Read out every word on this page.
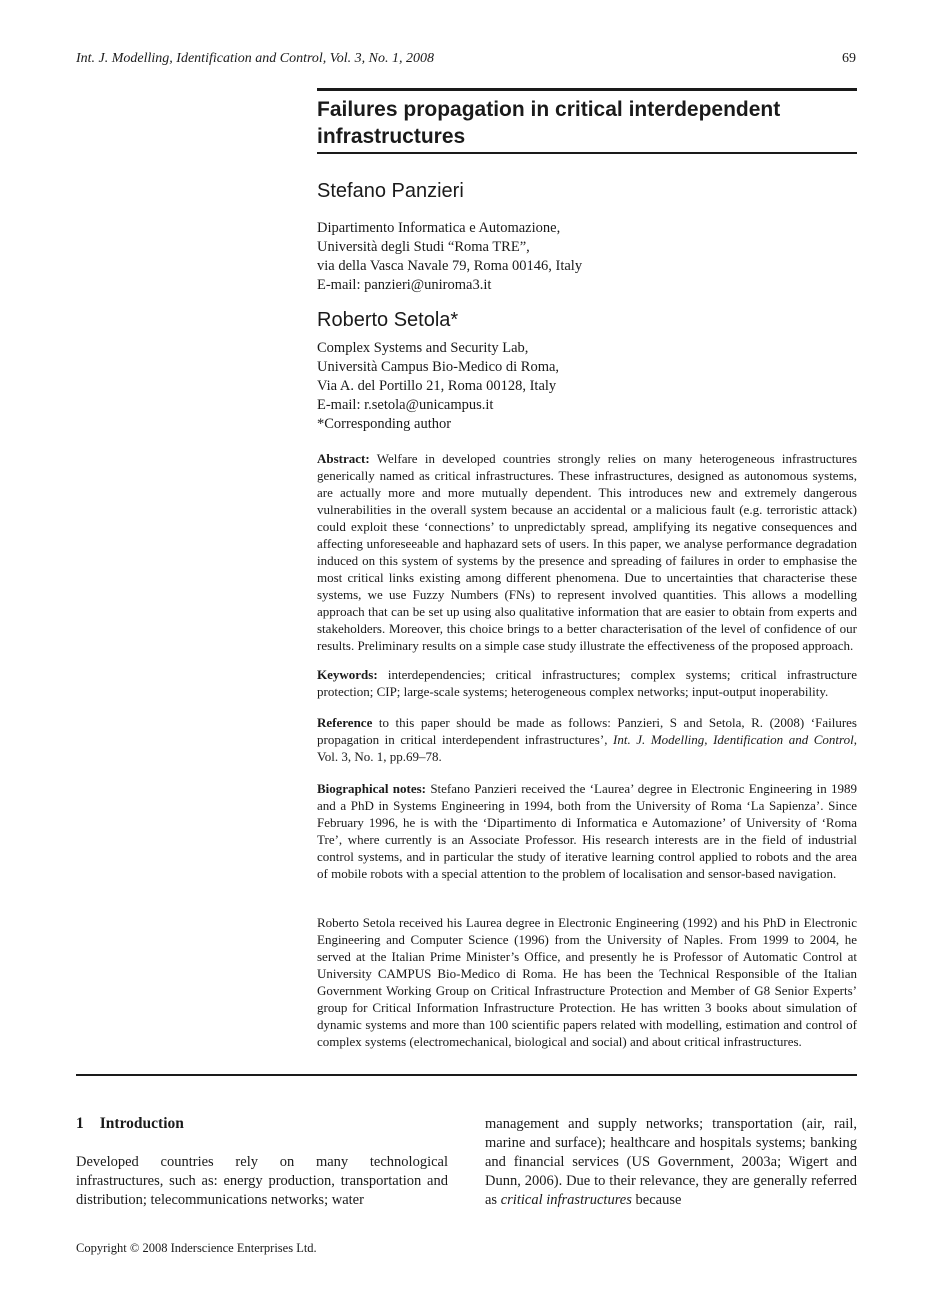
Int. J. Modelling, Identification and Control, Vol. 3, No. 1, 2008	69
Failures propagation in critical interdependent infrastructures
Stefano Panzieri
Dipartimento Informatica e Automazione,
Università degli Studi “Roma TRE”,
via della Vasca Navale 79, Roma 00146, Italy
E-mail: panzieri@uniroma3.it
Roberto Setola*
Complex Systems and Security Lab,
Università Campus Bio-Medico di Roma,
Via A. del Portillo 21, Roma 00128, Italy
E-mail: r.setola@unicampus.it
*Corresponding author
Abstract: Welfare in developed countries strongly relies on many heterogeneous infrastructures generically named as critical infrastructures. These infrastructures, designed as autonomous systems, are actually more and more mutually dependent. This introduces new and extremely dangerous vulnerabilities in the overall system because an accidental or a malicious fault (e.g. terroristic attack) could exploit these ‘connections’ to unpredictably spread, amplifying its negative consequences and affecting unforeseeable and haphazard sets of users. In this paper, we analyse performance degradation induced on this system of systems by the presence and spreading of failures in order to emphasise the most critical links existing among different phenomena. Due to uncertainties that characterise these systems, we use Fuzzy Numbers (FNs) to represent involved quantities. This allows a modelling approach that can be set up using also qualitative information that are easier to obtain from experts and stakeholders. Moreover, this choice brings to a better characterisation of the level of confidence of our results. Preliminary results on a simple case study illustrate the effectiveness of the proposed approach.
Keywords: interdependencies; critical infrastructures; complex systems; critical infrastructure protection; CIP; large-scale systems; heterogeneous complex networks; input-output inoperability.
Reference to this paper should be made as follows: Panzieri, S and Setola, R. (2008) ‘Failures propagation in critical interdependent infrastructures’, Int. J. Modelling, Identification and Control, Vol. 3, No. 1, pp.69–78.
Biographical notes: Stefano Panzieri received the ‘Laurea’ degree in Electronic Engineering in 1989 and a PhD in Systems Engineering in 1994, both from the University of Roma ‘La Sapienza’. Since February 1996, he is with the ‘Dipartimento di Informatica e Automazione’ of University of ‘Roma Tre’, where currently is an Associate Professor. His research interests are in the field of industrial control systems, and in particular the study of iterative learning control applied to robots and the area of mobile robots with a special attention to the problem of localisation and sensor-based navigation.
Roberto Setola received his Laurea degree in Electronic Engineering (1992) and his PhD in Electronic Engineering and Computer Science (1996) from the University of Naples. From 1999 to 2004, he served at the Italian Prime Minister’s Office, and presently he is Professor of Automatic Control at University CAMPUS Bio-Medico di Roma. He has been the Technical Responsible of the Italian Government Working Group on Critical Infrastructure Protection and Member of G8 Senior Experts’ group for Critical Information Infrastructure Protection. He has written 3 books about simulation of dynamic systems and more than 100 scientific papers related with modelling, estimation and control of complex systems (electromechanical, biological and social) and about critical infrastructures.
1 Introduction
Developed countries rely on many technological infrastructures, such as: energy production, transportation and distribution; telecommunications networks; water
management and supply networks; transportation (air, rail, marine and surface); healthcare and hospitals systems; banking and financial services (US Government, 2003a; Wigert and Dunn, 2006). Due to their relevance, they are generally referred as critical infrastructures because
Copyright © 2008 Inderscience Enterprises Ltd.
